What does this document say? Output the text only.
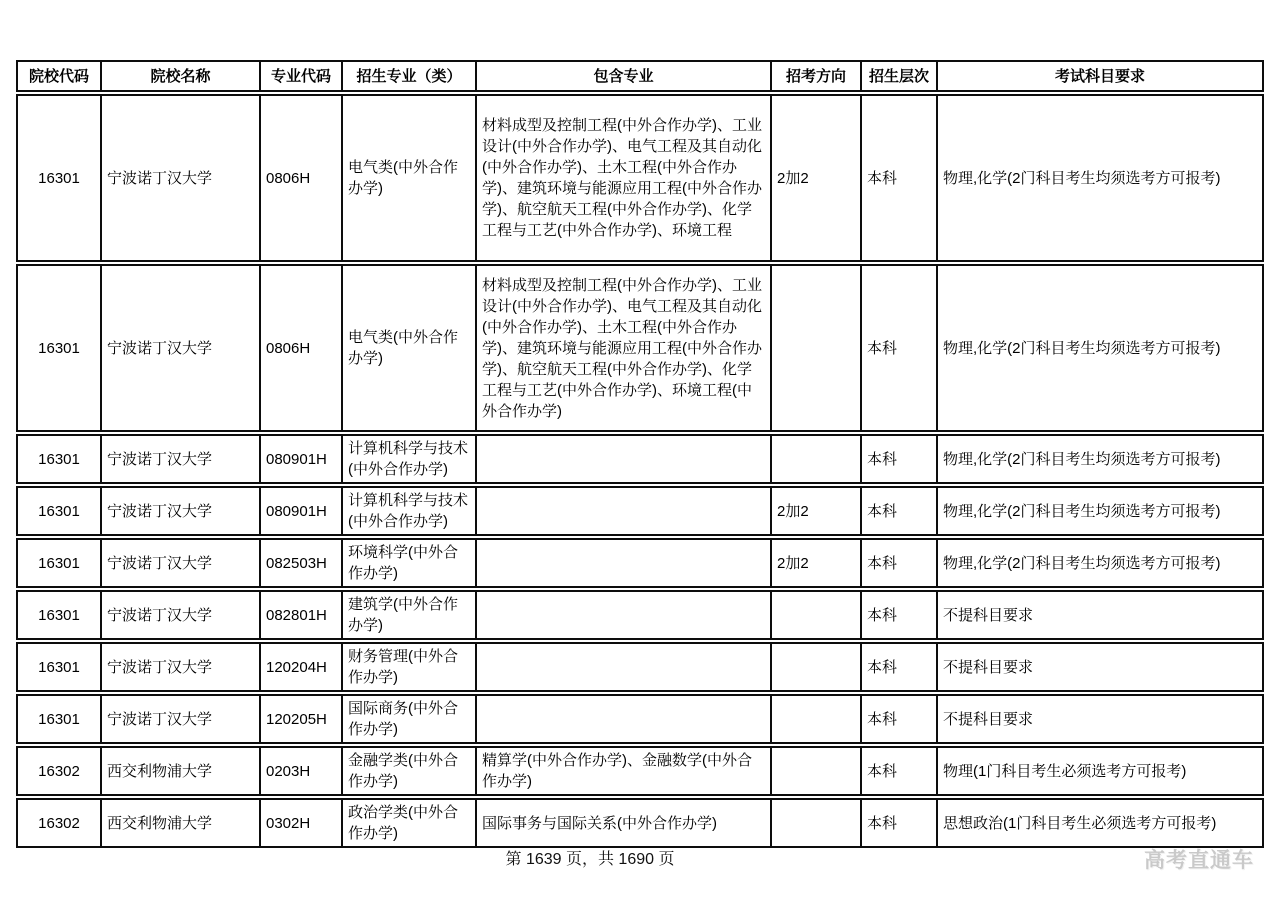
院校代码	院校名称	专业代码	招生专业（类）	包含专业	招考方向	招生层次	考试科目要求
16301	宁波诺丁汉大学	0806H	电气类(中外合作办学)	材料成型及控制工程(中外合作办学)、工业设计(中外合作办学)、电气工程及其自动化(中外合作办学)、土木工程(中外合作办学)、建筑环境与能源应用工程(中外合作办学)、航空航天工程(中外合作办学)、化学工程与工艺(中外合作办学)、环境工程	2加2	本科	物理,化学(2门科目考生均须选考方可报考)
16301	宁波诺丁汉大学	0806H	电气类(中外合作办学)	材料成型及控制工程(中外合作办学)、工业设计(中外合作办学)、电气工程及其自动化(中外合作办学)、土木工程(中外合作办学)、建筑环境与能源应用工程(中外合作办学)、航空航天工程(中外合作办学)、化学工程与工艺(中外合作办学)、环境工程(中外合作办学)		本科	物理,化学(2门科目考生均须选考方可报考)
16301	宁波诺丁汉大学	080901H	计算机科学与技术(中外合作办学)			本科	物理,化学(2门科目考生均须选考方可报考)
16301	宁波诺丁汉大学	080901H	计算机科学与技术(中外合作办学)		2加2	本科	物理,化学(2门科目考生均须选考方可报考)
16301	宁波诺丁汉大学	082503H	环境科学(中外合作办学)		2加2	本科	物理,化学(2门科目考生均须选考方可报考)
16301	宁波诺丁汉大学	082801H	建筑学(中外合作办学)			本科	不提科目要求
16301	宁波诺丁汉大学	120204H	财务管理(中外合作办学)			本科	不提科目要求
16301	宁波诺丁汉大学	120205H	国际商务(中外合作办学)			本科	不提科目要求
16302	西交利物浦大学	0203H	金融学类(中外合作办学)	精算学(中外合作办学)、金融数学(中外合作办学)		本科	物理(1门科目考生必须选考方可报考)
16302	西交利物浦大学	0302H	政治学类(中外合作办学)	国际事务与国际关系(中外合作办学)		本科	思想政治(1门科目考生必须选考方可报考)
第 1639 页，共 1690 页	高考直通车
